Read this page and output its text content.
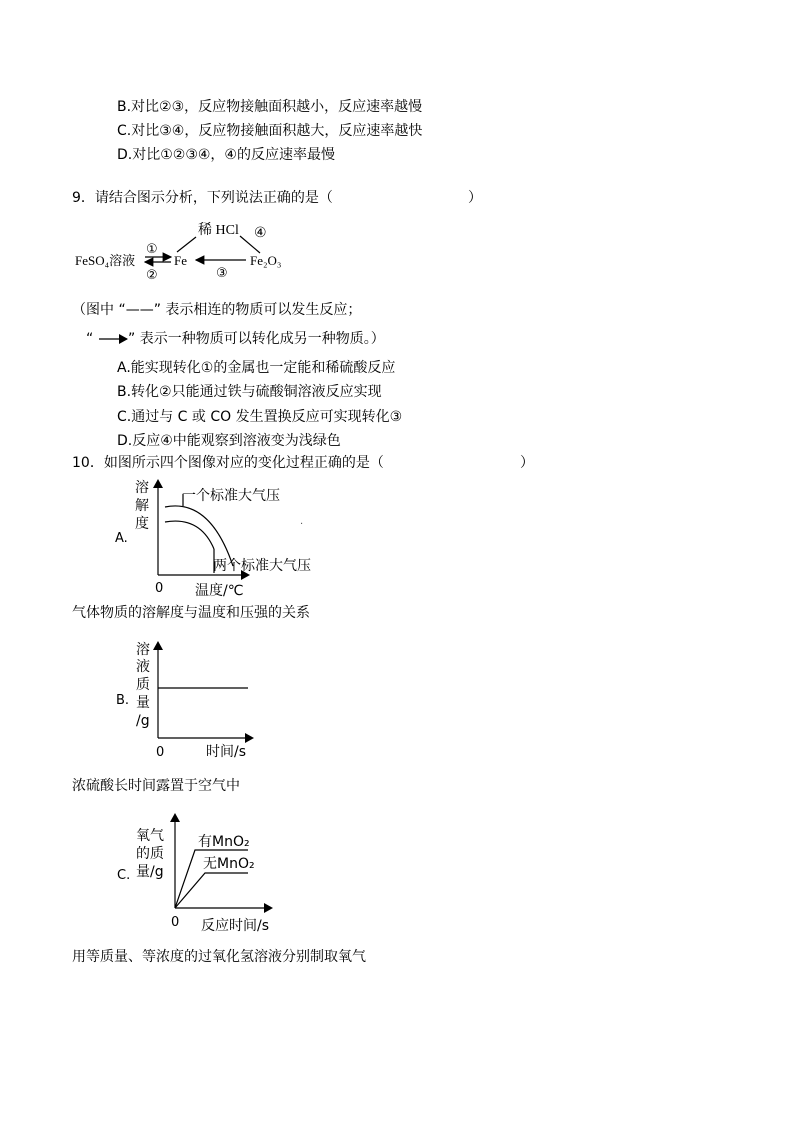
B.对比②③，反应物接触面积越小，反应速率越慢
C.对比③④，反应物接触面积越大，反应速率越快
D.对比①②③④，④的反应速率最慢
9．请结合图示分析，下列说法正确的是（	）
稀 HCl ④
FeSO₄溶液
①
②
Fe
③
Fe₂O₃
（图中 “——” 表示相连的物质可以发生反应；
“ ” 表示一种物质可以转化成另一种物质。）
A.能实现转化①的金属也一定能和稀硫酸反应
B.转化②只能通过铁与硫酸铜溶液反应实现
C.通过与 C 或 CO 发生置换反应可实现转化③
D.反应④中能观察到溶液变为浅绿色
10．如图所示四个图像对应的变化过程正确的是（	）
A.
溶
解
度
一个标准大气压
两个标准大气压
0 温度/℃
.
气体物质的溶解度与温度和压强的关系
B.
溶
液
质
量
/g
0	时间/s
浓硫酸长时间露置于空气中
C.
氧气
的质
量/g
有MnO₂
无MnO₂
0 反应时间/s
用等质量、等浓度的过氧化氢溶液分别制取氧气
